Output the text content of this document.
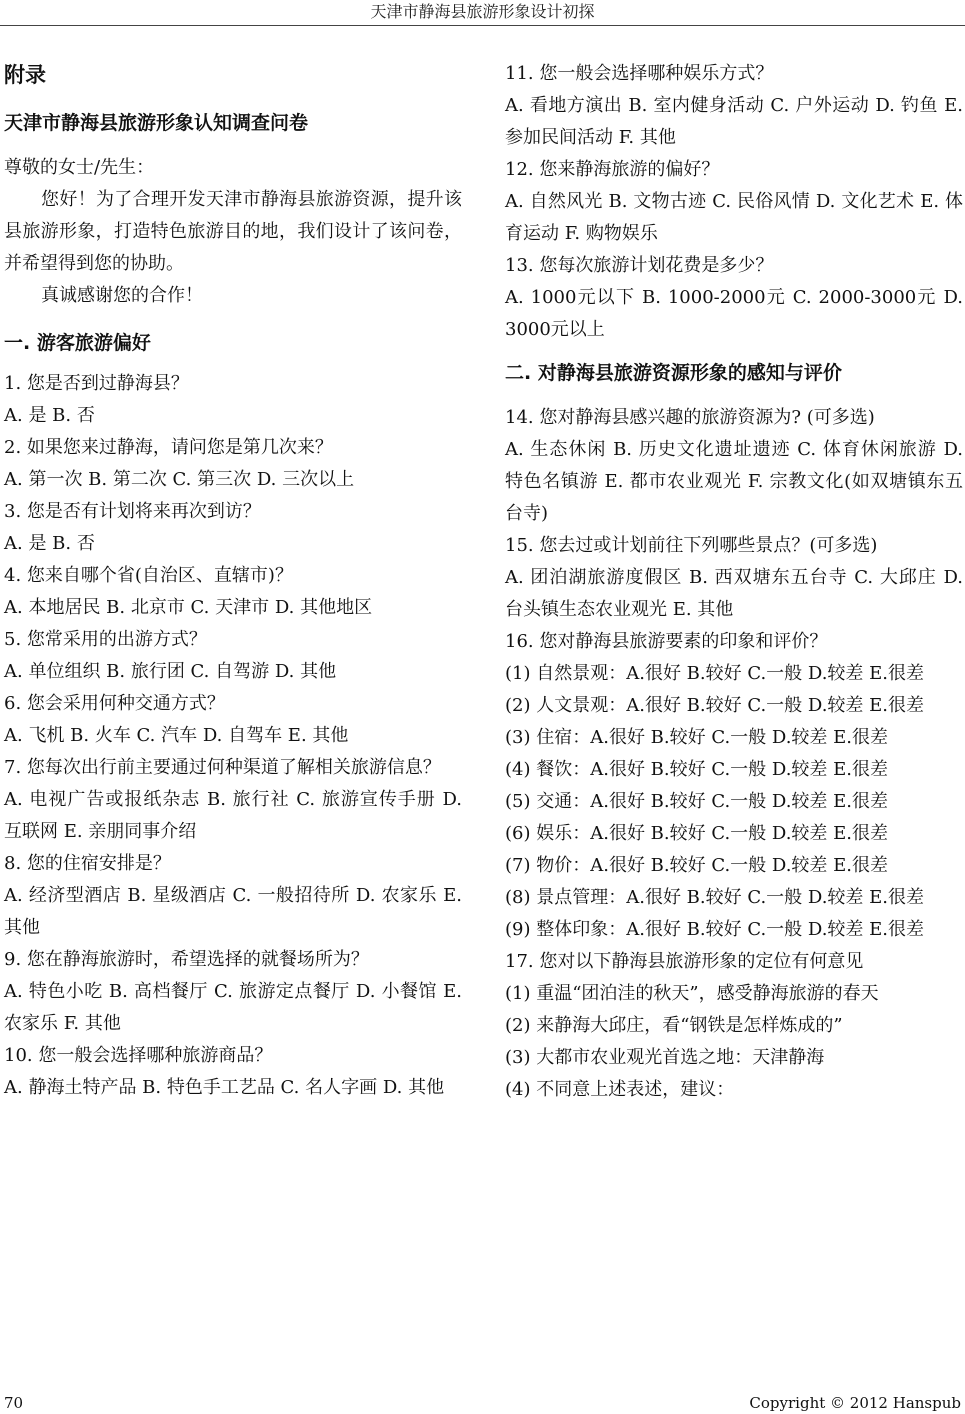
天津市静海县旅游形象设计初探
附录
天津市静海县旅游形象认知调查问卷
尊敬的女士/先生：
您好！为了合理开发天津市静海县旅游资源，提升该县旅游形象，打造特色旅游目的地，我们设计了该问卷，并希望得到您的协助。
真诚感谢您的合作！
一. 游客旅游偏好
1. 您是否到过静海县？
A. 是 B. 否
2. 如果您来过静海，请问您是第几次来？
A. 第一次 B. 第二次 C. 第三次 D. 三次以上
3. 您是否有计划将来再次到访？
A. 是 B. 否
4. 您来自哪个省(自治区、直辖市)？
A. 本地居民 B. 北京市 C. 天津市 D. 其他地区
5. 您常采用的出游方式？
A. 单位组织 B. 旅行团 C. 自驾游 D. 其他
6. 您会采用何种交通方式？
A. 飞机 B. 火车 C. 汽车 D. 自驾车 E. 其他
7. 您每次出行前主要通过何种渠道了解相关旅游信息？
A. 电视广告或报纸杂志 B. 旅行社 C. 旅游宣传手册 D. 互联网 E. 亲朋同事介绍
8. 您的住宿安排是？
A. 经济型酒店 B. 星级酒店 C. 一般招待所 D. 农家乐 E. 其他
9. 您在静海旅游时，希望选择的就餐场所为？
A. 特色小吃 B. 高档餐厅 C. 旅游定点餐厅 D. 小餐馆 E. 农家乐 F. 其他
10. 您一般会选择哪种旅游商品？
A. 静海土特产品 B. 特色手工艺品 C. 名人字画 D. 其他
11. 您一般会选择哪种娱乐方式？
A. 看地方演出 B. 室内健身活动 C. 户外运动 D. 钓鱼 E. 参加民间活动 F. 其他
12. 您来静海旅游的偏好？
A. 自然风光 B. 文物古迹 C. 民俗风情 D. 文化艺术 E. 体育运动 F. 购物娱乐
13. 您每次旅游计划花费是多少？
A. 1000元以下 B. 1000-2000元 C. 2000-3000元 D. 3000元以上
二. 对静海县旅游资源形象的感知与评价
14. 您对静海县感兴趣的旅游资源为? (可多选)
A. 生态休闲 B. 历史文化遗址遗迹 C. 体育休闲旅游 D. 特色名镇游 E. 都市农业观光 F. 宗教文化(如双塘镇东五台寺)
15. 您去过或计划前往下列哪些景点？(可多选)
A. 团泊湖旅游度假区 B. 西双塘东五台寺 C. 大邱庄 D. 台头镇生态农业观光 E. 其他
16. 您对静海县旅游要素的印象和评价？
(1) 自然景观：A.很好 B.较好 C.一般 D.较差 E.很差
(2) 人文景观：A.很好 B.较好 C.一般 D.较差 E.很差
(3) 住宿：A.很好 B.较好 C.一般 D.较差 E.很差
(4) 餐饮：A.很好 B.较好 C.一般 D.较差 E.很差
(5) 交通：A.很好 B.较好 C.一般 D.较差 E.很差
(6) 娱乐：A.很好 B.较好 C.一般 D.较差 E.很差
(7) 物价：A.很好 B.较好 C.一般 D.较差 E.很差
(8) 景点管理：A.很好 B.较好 C.一般 D.较差 E.很差
(9) 整体印象：A.很好 B.较好 C.一般 D.较差 E.很差
17. 您对以下静海县旅游形象的定位有何意见
(1) 重温“团泊洼的秋天”，感受静海旅游的春天
(2) 来静海大邱庄，看“钢铁是怎样炼成的”
(3) 大都市农业观光首选之地：天津静海
(4) 不同意上述表述，建议：
70	Copyright © 2012 Hanspub
